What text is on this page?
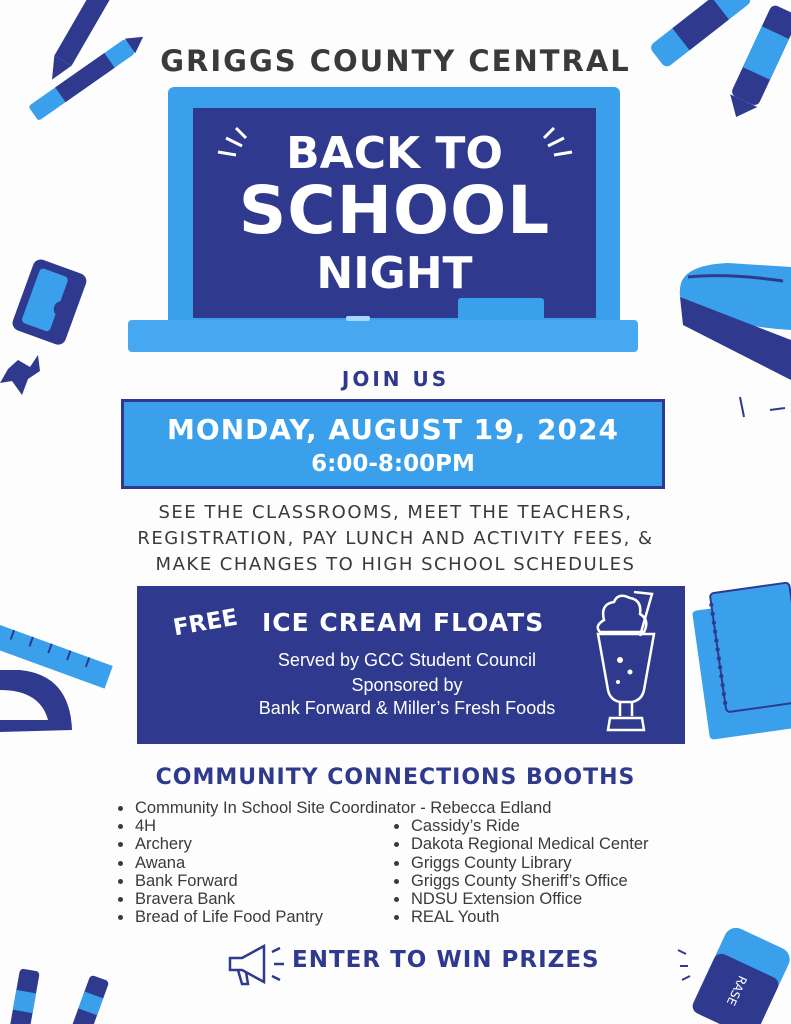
RASE
GRIGGS COUNTY CENTRAL
BACK TO
SCHOOL
NIGHT
JOIN US
MONDAY, AUGUST 19, 2024
6:00-8:00PM
SEE THE CLASSROOMS, MEET THE TEACHERS,
REGISTRATION, PAY LUNCH AND ACTIVITY FEES, &
MAKE CHANGES TO HIGH SCHOOL SCHEDULES
FREE ICE CREAM FLOATS
Served by GCC Student Council
Sponsored by
Bank Forward & Miller’s Fresh Foods
COMMUNITY CONNECTIONS BOOTHS
Community In School Site Coordinator - Rebecca Edland
4H
Archery
Awana
Bank Forward
Bravera Bank
Bread of Life Food Pantry
Cassidy’s Ride
Dakota Regional Medical Center
Griggs County Library
Griggs County Sheriff’s Office
NDSU Extension Office
REAL Youth
ENTER TO WIN PRIZES
